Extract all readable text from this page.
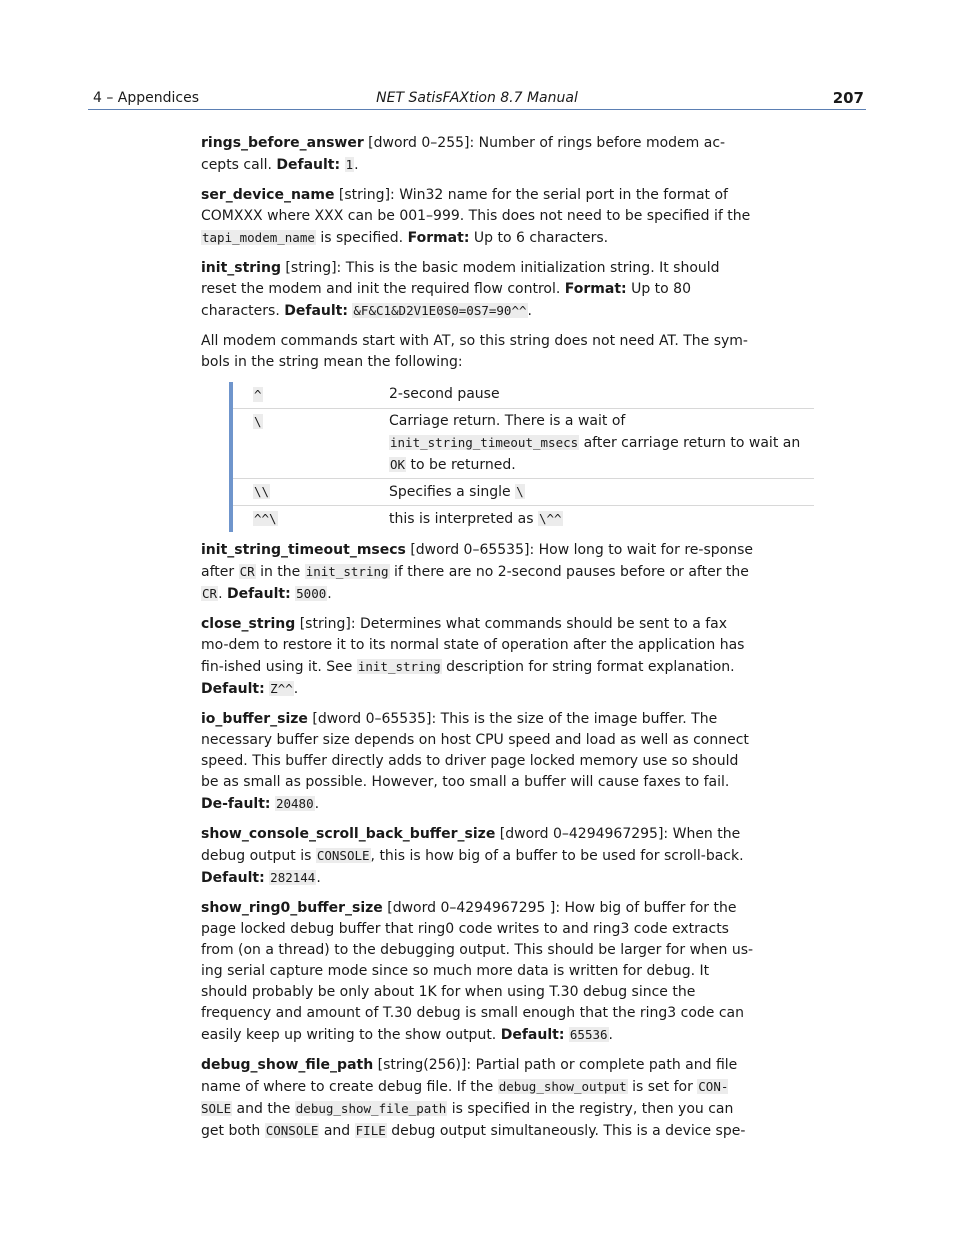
4 – Appendices	NET SatisFAXtion 8.7 Manual	207

rings_before_answer [dword 0–255]: Number of rings before modem ac-cepts call. Default: 1.

ser_device_name [string]: Win32 name for the serial port in the format of COMXXX where XXX can be 001–999. This does not need to be specified if the tapi_modem_name is specified. Format: Up to 6 characters.

init_string [string]: This is the basic modem initialization string. It should reset the modem and init the required flow control. Format: Up to 80 characters. Default: &F&C1&D2V1E0S0=0S7=90^^.

All modem commands start with AT, so this string does not need AT. The sym-bols in the string mean the following:

^	2-second pause
\	Carriage return. There is a wait of init_string_timeout_msecs after carriage return to wait an OK to be returned.
\\	Specifies a single \
^^\	this is interpreted as \^^

init_string_timeout_msecs [dword 0–65535]: How long to wait for re-sponse after CR in the init_string if there are no 2-second pauses before or after the CR. Default: 5000.

close_string [string]: Determines what commands should be sent to a fax mo-dem to restore it to its normal state of operation after the application has fin-ished using it. See init_string description for string format explanation. Default: Z^^.

io_buffer_size [dword 0–65535]: This is the size of the image buffer. The necessary buffer size depends on host CPU speed and load as well as connect speed. This buffer directly adds to driver page locked memory use so should be as small as possible. However, too small a buffer will cause faxes to fail. De-fault: 20480.

show_console_scroll_back_buffer_size [dword 0–4294967295]: When the debug output is CONSOLE, this is how big of a buffer to be used for scroll-back. Default: 282144.

show_ring0_buffer_size [dword 0–4294967295 ]: How big of buffer for the page locked debug buffer that ring0 code writes to and ring3 code extracts from (on a thread) to the debugging output. This should be larger for when us-ing serial capture mode since so much more data is written for debug. It should probably be only about 1K for when using T.30 debug since the frequency and amount of T.30 debug is small enough that the ring3 code can easily keep up writing to the show output. Default: 65536.

debug_show_file_path [string(256)]: Partial path or complete path and file name of where to create debug file. If the debug_show_output is set for CON-SOLE and the debug_show_file_path is specified in the registry, then you can get both CONSOLE and FILE debug output simultaneously. This is a device spe-
